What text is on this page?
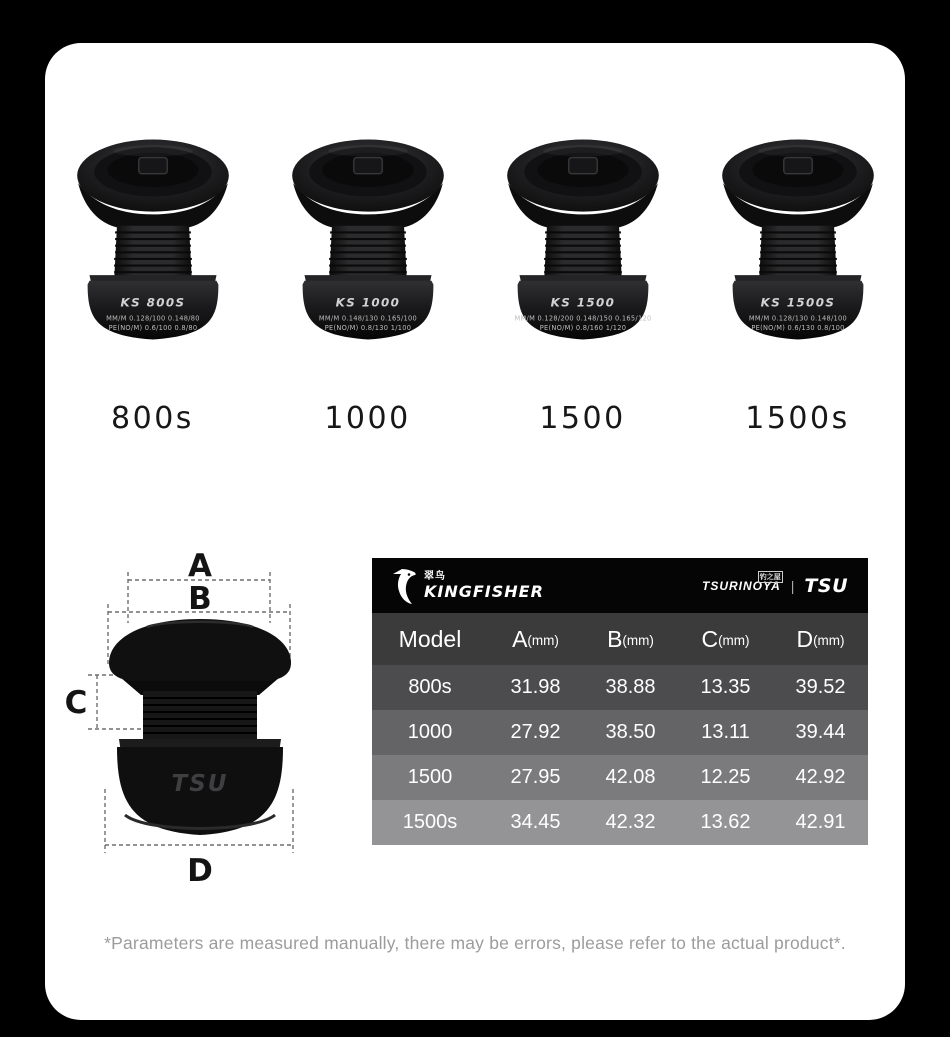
KS 800S
MM/M 0.128/100 0.148/80
PE(NO/M) 0.6/100 0.8/80
KS 1000
MM/M 0.148/130 0.165/100
PE(NO/M) 0.8/130 1/100
KS 1500
MM/M 0.128/200 0.148/150 0.165/120
PE(NO/M) 0.8/160 1/120
KS 1500S
MM/M 0.128/130 0.148/100
PE(NO/M) 0.6/130 0.8/100
800s	1000	1500	1500s
TSU
A
B
C
D
翠鸟
KINGFISHER	TSURINOYA
钓之屋
| TSU
Model	A (mm) B (mm) C (mm) D (mm)
800s	31.98	38.88	13.35	39.52
1000	27.92	38.50	13.11	39.44
1500	27.95	42.08	12.25	42.92
1500s	34.45	42.32	13.62	42.91

*Parameters are measured manually, there may be errors, please refer to the actual product*.
